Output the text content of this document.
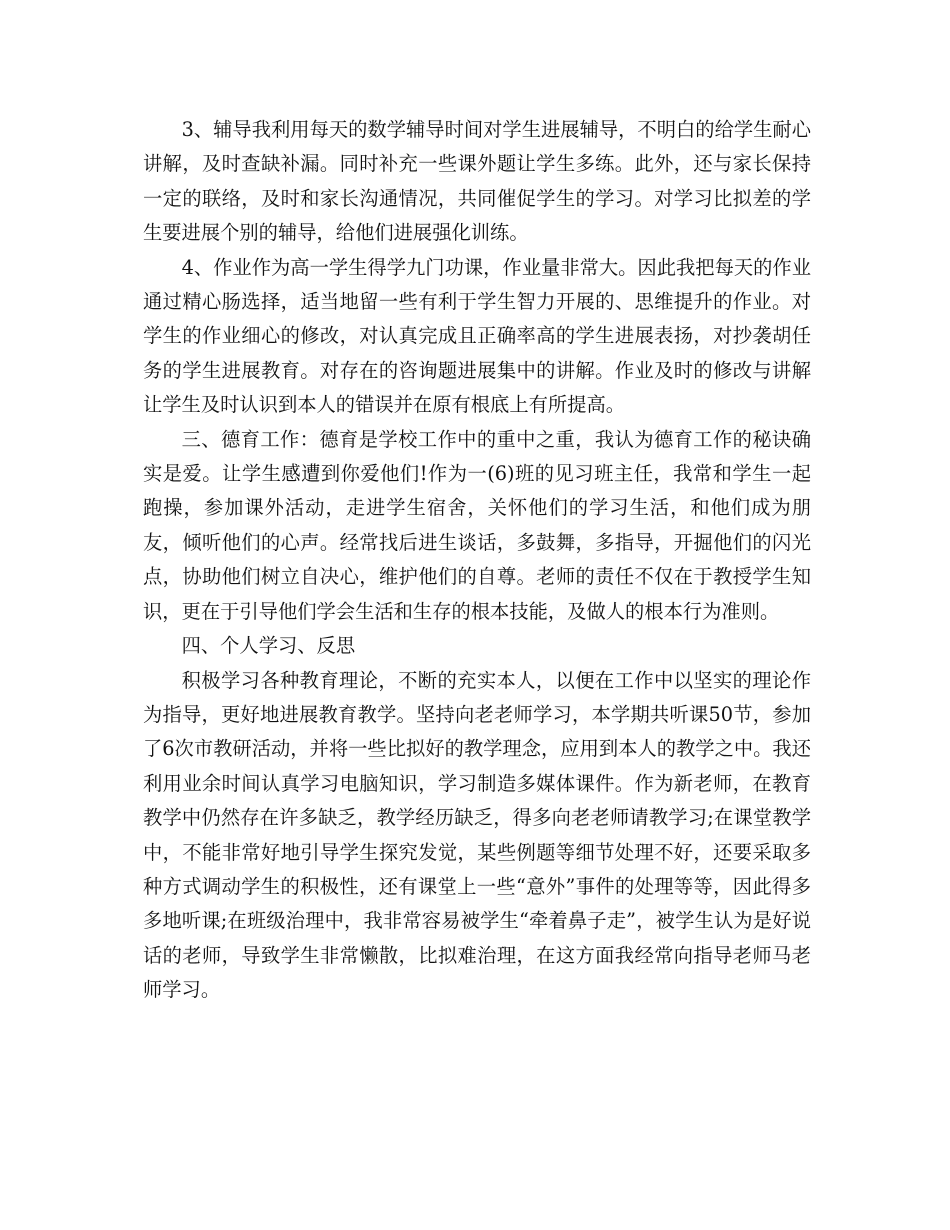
3、辅导我利用每天的数学辅导时间对学生进展辅导，不明白的给学生耐心讲解，及时查缺补漏。同时补充一些课外题让学生多练。此外，还与家长保持一定的联络，及时和家长沟通情况，共同催促学生的学习。对学习比拟差的学生要进展个别的辅导，给他们进展强化训练。

4、作业作为高一学生得学九门功课，作业量非常大。因此我把每天的作业通过精心肠选择，适当地留一些有利于学生智力开展的、思维提升的作业。对学生的作业细心的修改，对认真完成且正确率高的学生进展表扬，对抄袭胡任务的学生进展教育。对存在的咨询题进展集中的讲解。作业及时的修改与讲解让学生及时认识到本人的错误并在原有根底上有所提高。

三、德育工作：德育是学校工作中的重中之重，我认为德育工作的秘诀确实是爱。让学生感遭到你爱他们!作为一(6)班的见习班主任，我常和学生一起跑操，参加课外活动，走进学生宿舍，关怀他们的学习生活，和他们成为朋友，倾听他们的心声。经常找后进生谈话，多鼓舞，多指导，开掘他们的闪光点，协助他们树立自决心，维护他们的自尊。老师的责任不仅在于教授学生知识，更在于引导他们学会生活和生存的根本技能，及做人的根本行为准则。

四、个人学习、反思

积极学习各种教育理论，不断的充实本人，以便在工作中以坚实的理论作为指导，更好地进展教育教学。坚持向老老师学习，本学期共听课50节，参加了6次市教研活动，并将一些比拟好的教学理念，应用到本人的教学之中。我还利用业余时间认真学习电脑知识，学习制造多媒体课件。作为新老师，在教育教学中仍然存在许多缺乏，教学经历缺乏，得多向老老师请教学习;在课堂教学中，不能非常好地引导学生探究发觉，某些例题等细节处理不好，还要采取多种方式调动学生的积极性，还有课堂上一些“意外”事件的处理等等，因此得多多地听课;在班级治理中，我非常容易被学生“牵着鼻子走”，被学生认为是好说话的老师，导致学生非常懒散，比拟难治理，在这方面我经常向指导老师马老师学习。
